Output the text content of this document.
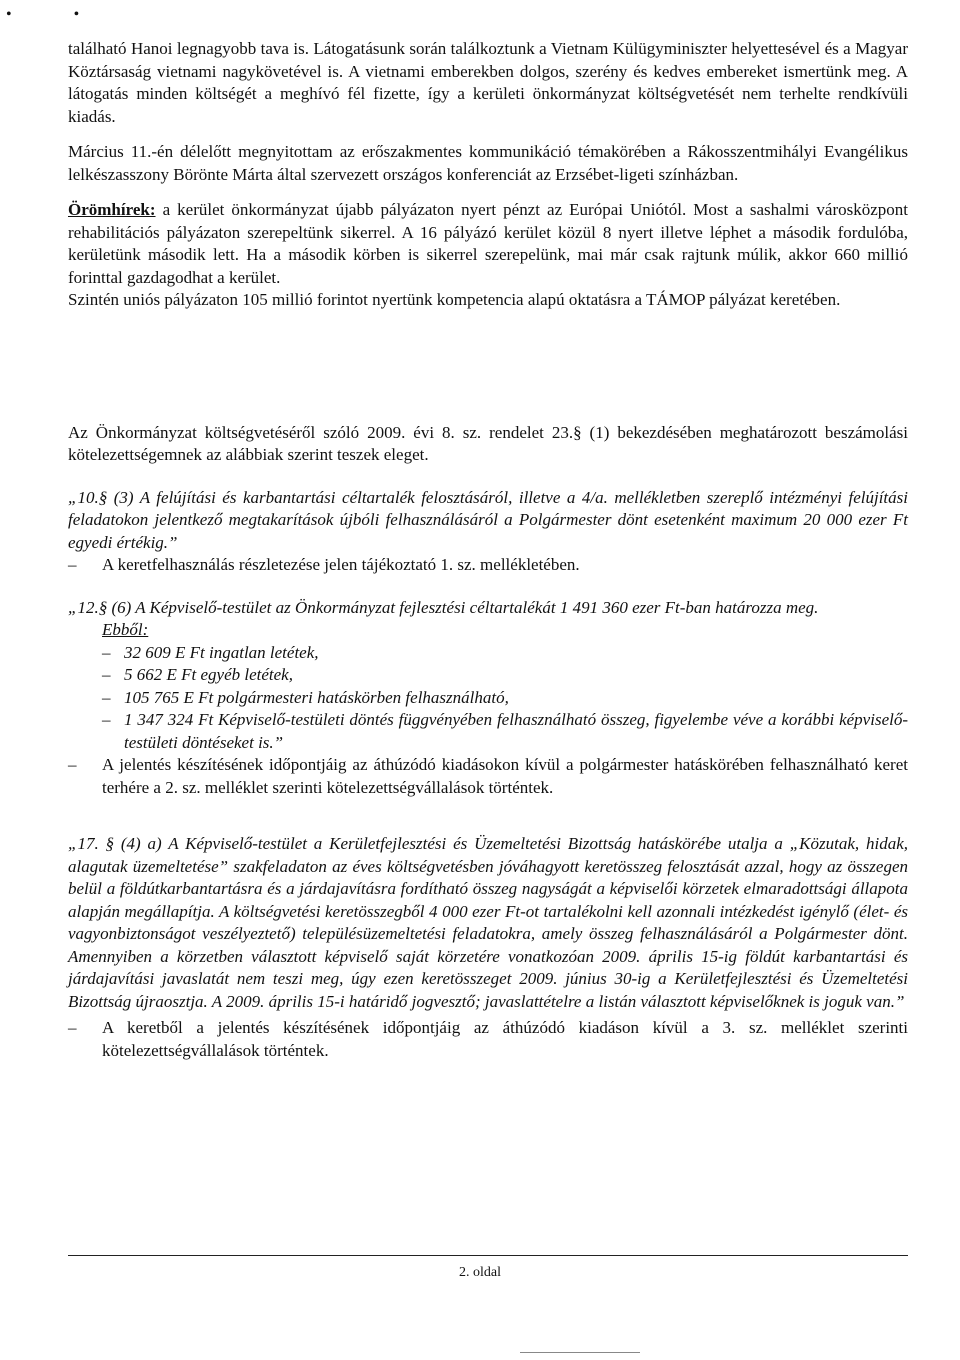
•	•

található Hanoi legnagyobb tava is. Látogatásunk során találkoztunk a Vietnam Külügyminiszter helyettesével és a Magyar Köztársaság vietnami nagykövetével is. A vietnami emberekben dolgos, szerény és kedves embereket ismertünk meg. A látogatás minden költségét a meghívó fél fizette, így a kerületi önkormányzat költségvetését nem terhelte rendkívüli kiadás.

Március 11.-én délelőtt megnyitottam az erőszakmentes kommunikáció témakörében a Rákosszentmihályi Evangélikus lelkészasszony Börönte Márta által szervezett országos konferenciát az Erzsébet-ligeti színházban.

Örömhírek: a kerület önkormányzat újabb pályázaton nyert pénzt az Európai Uniótól. Most a sashalmi városközpont rehabilitációs pályázaton szerepeltünk sikerrel. A 16 pályázó kerület közül 8 nyert illetve léphet a második fordulóba, kerületünk második lett. Ha a második körben is sikerrel szerepelünk, mai már csak rajtunk múlik, akkor 660 millió forinttal gazdagodhat a kerület.

Szintén uniós pályázaton 105 millió forintot nyertünk kompetencia alapú oktatásra a TÁMOP pályázat keretében.

Az Önkormányzat költségvetéséről szóló 2009. évi 8. sz. rendelet 23.§ (1) bekezdésében meghatározott beszámolási kötelezettségemnek az alábbiak szerint teszek eleget.

„10.§ (3) A felújítási és karbantartási céltartalék felosztásáról, illetve a 4/a. mellékletben szereplő intézményi felújítási feladatokon jelentkező megtakarítások újbóli felhasználásáról a Polgármester dönt esetenként maximum 20 000 ezer Ft egyedi értékig.”

–	A keretfelhasználás részletezése jelen tájékoztató 1. sz. mellékletében.

„12.§ (6) A Képviselő-testület az Önkormányzat fejlesztési céltartalékát 1 491 360 ezer Ft-ban határozza meg.

Ebből:

– 32 609 E Ft ingatlan letétek,

– 5 662 E Ft egyéb letétek,

– 105 765 E Ft polgármesteri hatáskörben felhasználható,

– 1 347 324 Ft Képviselő-testületi döntés függvényében felhasználható összeg, figyelembe véve a korábbi képviselő-testületi döntéseket is.”

–	A jelentés készítésének időpontjáig az áthúzódó kiadásokon kívül a polgármester hatáskörében felhasználható keret terhére a 2. sz. melléklet szerinti kötelezettségvállalások történtek.

„17. § (4) a) A Képviselő-testület a Kerületfejlesztési és Üzemeltetési Bizottság hatáskörébe utalja a „Közutak, hidak, alagutak üzemeltetése” szakfeladaton az éves költségvetésben jóváhagyott keretösszeg felosztását azzal, hogy az összegen belül a földútkarbantartásra és a járdajavításra fordítható összeg nagyságát a képviselői körzetek elmaradottsági állapota alapján megállapítja. A költségvetési keretösszegből 4 000 ezer Ft-ot tartalékolni kell azonnali intézkedést igénylő (élet- és vagyonbiztonságot veszélyeztető) településüzemeltetési feladatokra, amely összeg felhasználásáról a Polgármester dönt. Amennyiben a körzetben választott képviselő saját körzetére vonatkozóan 2009. április 15-ig földút karbantartási és járdajavítási javaslatát nem teszi meg, úgy ezen keretösszeget 2009. június 30-ig a Kerületfejlesztési és Üzemeltetési Bizottság újraosztja. A 2009. április 15-i határidő jogvesztő; javaslattételre a listán választott képviselőknek is joguk van.”

–	A keretből a jelentés készítésének időpontjáig az áthúzódó kiadáson kívül a 3. sz. melléklet szerinti kötelezettségvállalások történtek.

2. oldal
